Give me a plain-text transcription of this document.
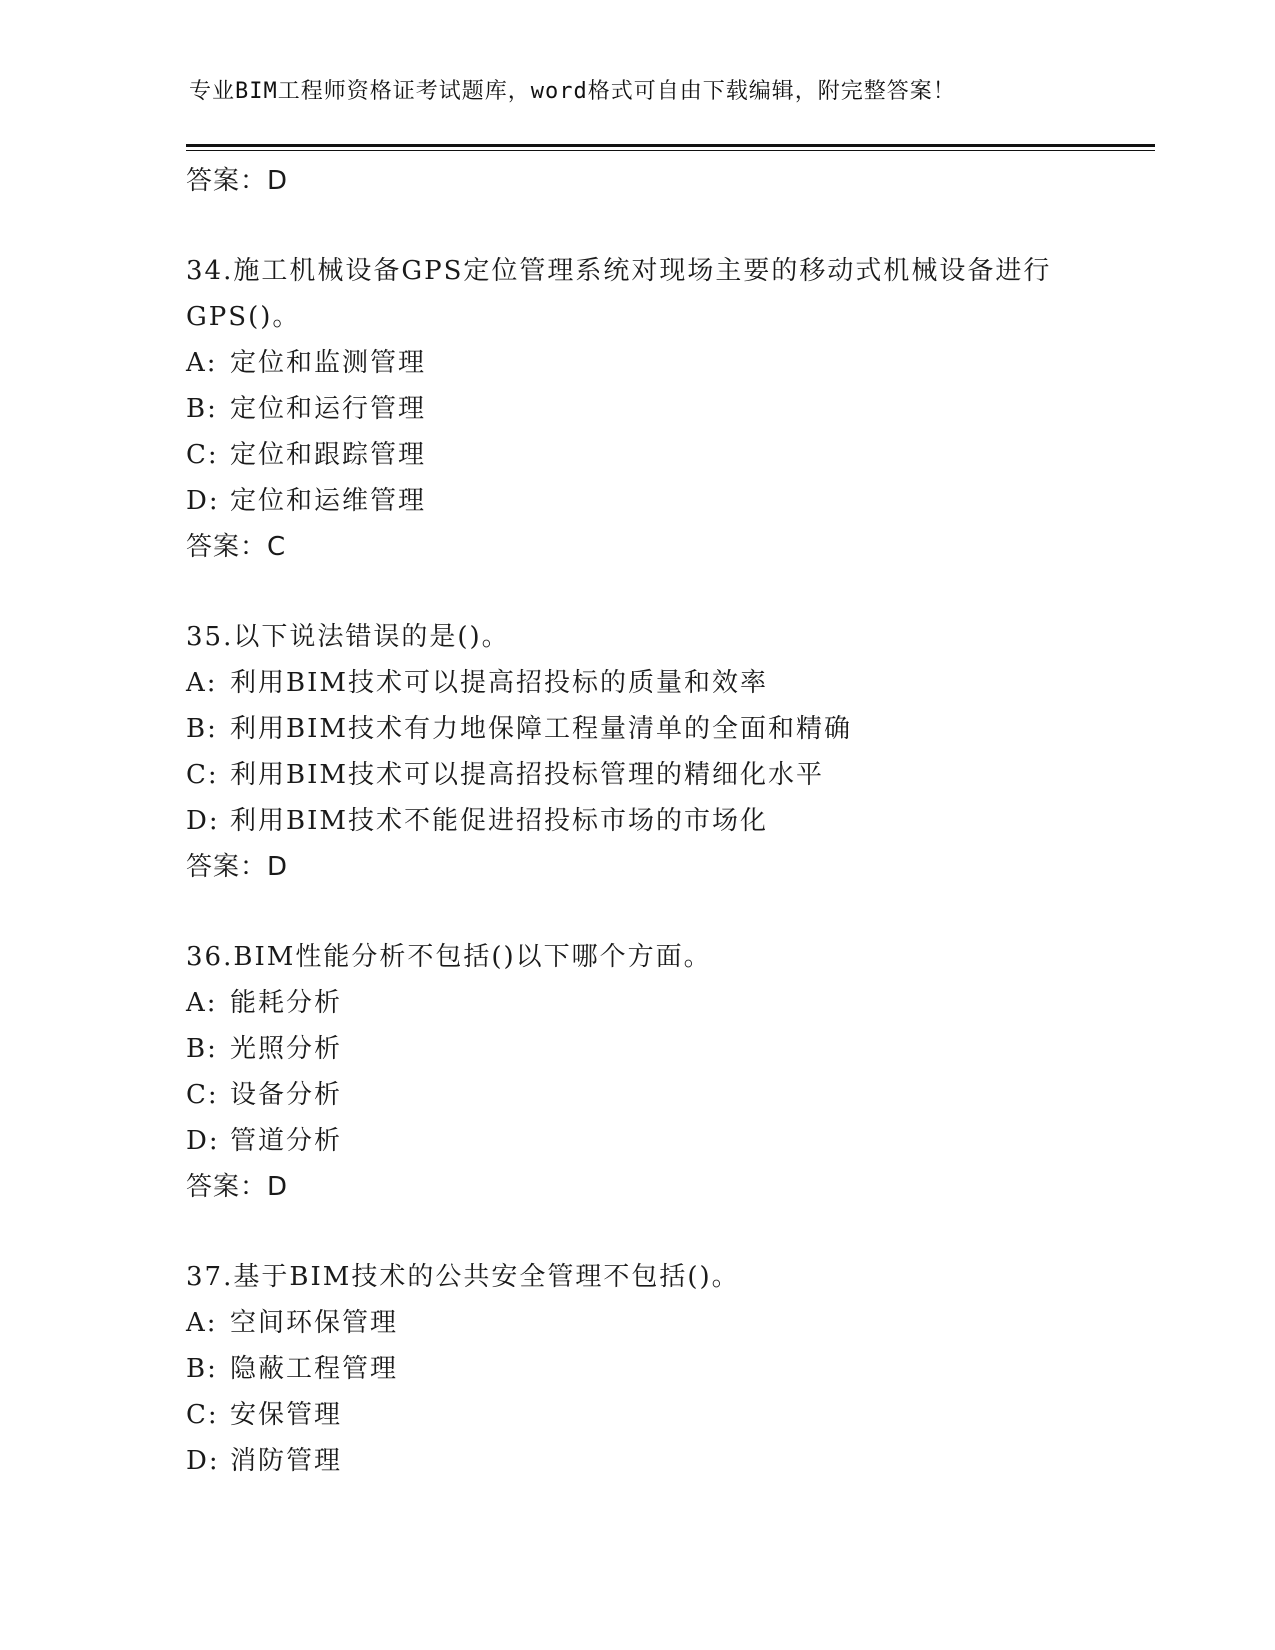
专业BIM工程师资格证考试题库，word格式可自由下载编辑，附完整答案！
答案：D
34.施工机械设备GPS定位管理系统对现场主要的移动式机械设备进行GPS()。
A: 定位和监测管理
B: 定位和运行管理
C: 定位和跟踪管理
D: 定位和运维管理
答案：C
35.以下说法错误的是()。
A: 利用BIM技术可以提高招投标的质量和效率
B: 利用BIM技术有力地保障工程量清单的全面和精确
C: 利用BIM技术可以提高招投标管理的精细化水平
D: 利用BIM技术不能促进招投标市场的市场化
答案：D
36.BIM性能分析不包括()以下哪个方面。
A: 能耗分析
B: 光照分析
C: 设备分析
D: 管道分析
答案：D
37.基于BIM技术的公共安全管理不包括()。
A: 空间环保管理
B: 隐蔽工程管理
C: 安保管理
D: 消防管理
